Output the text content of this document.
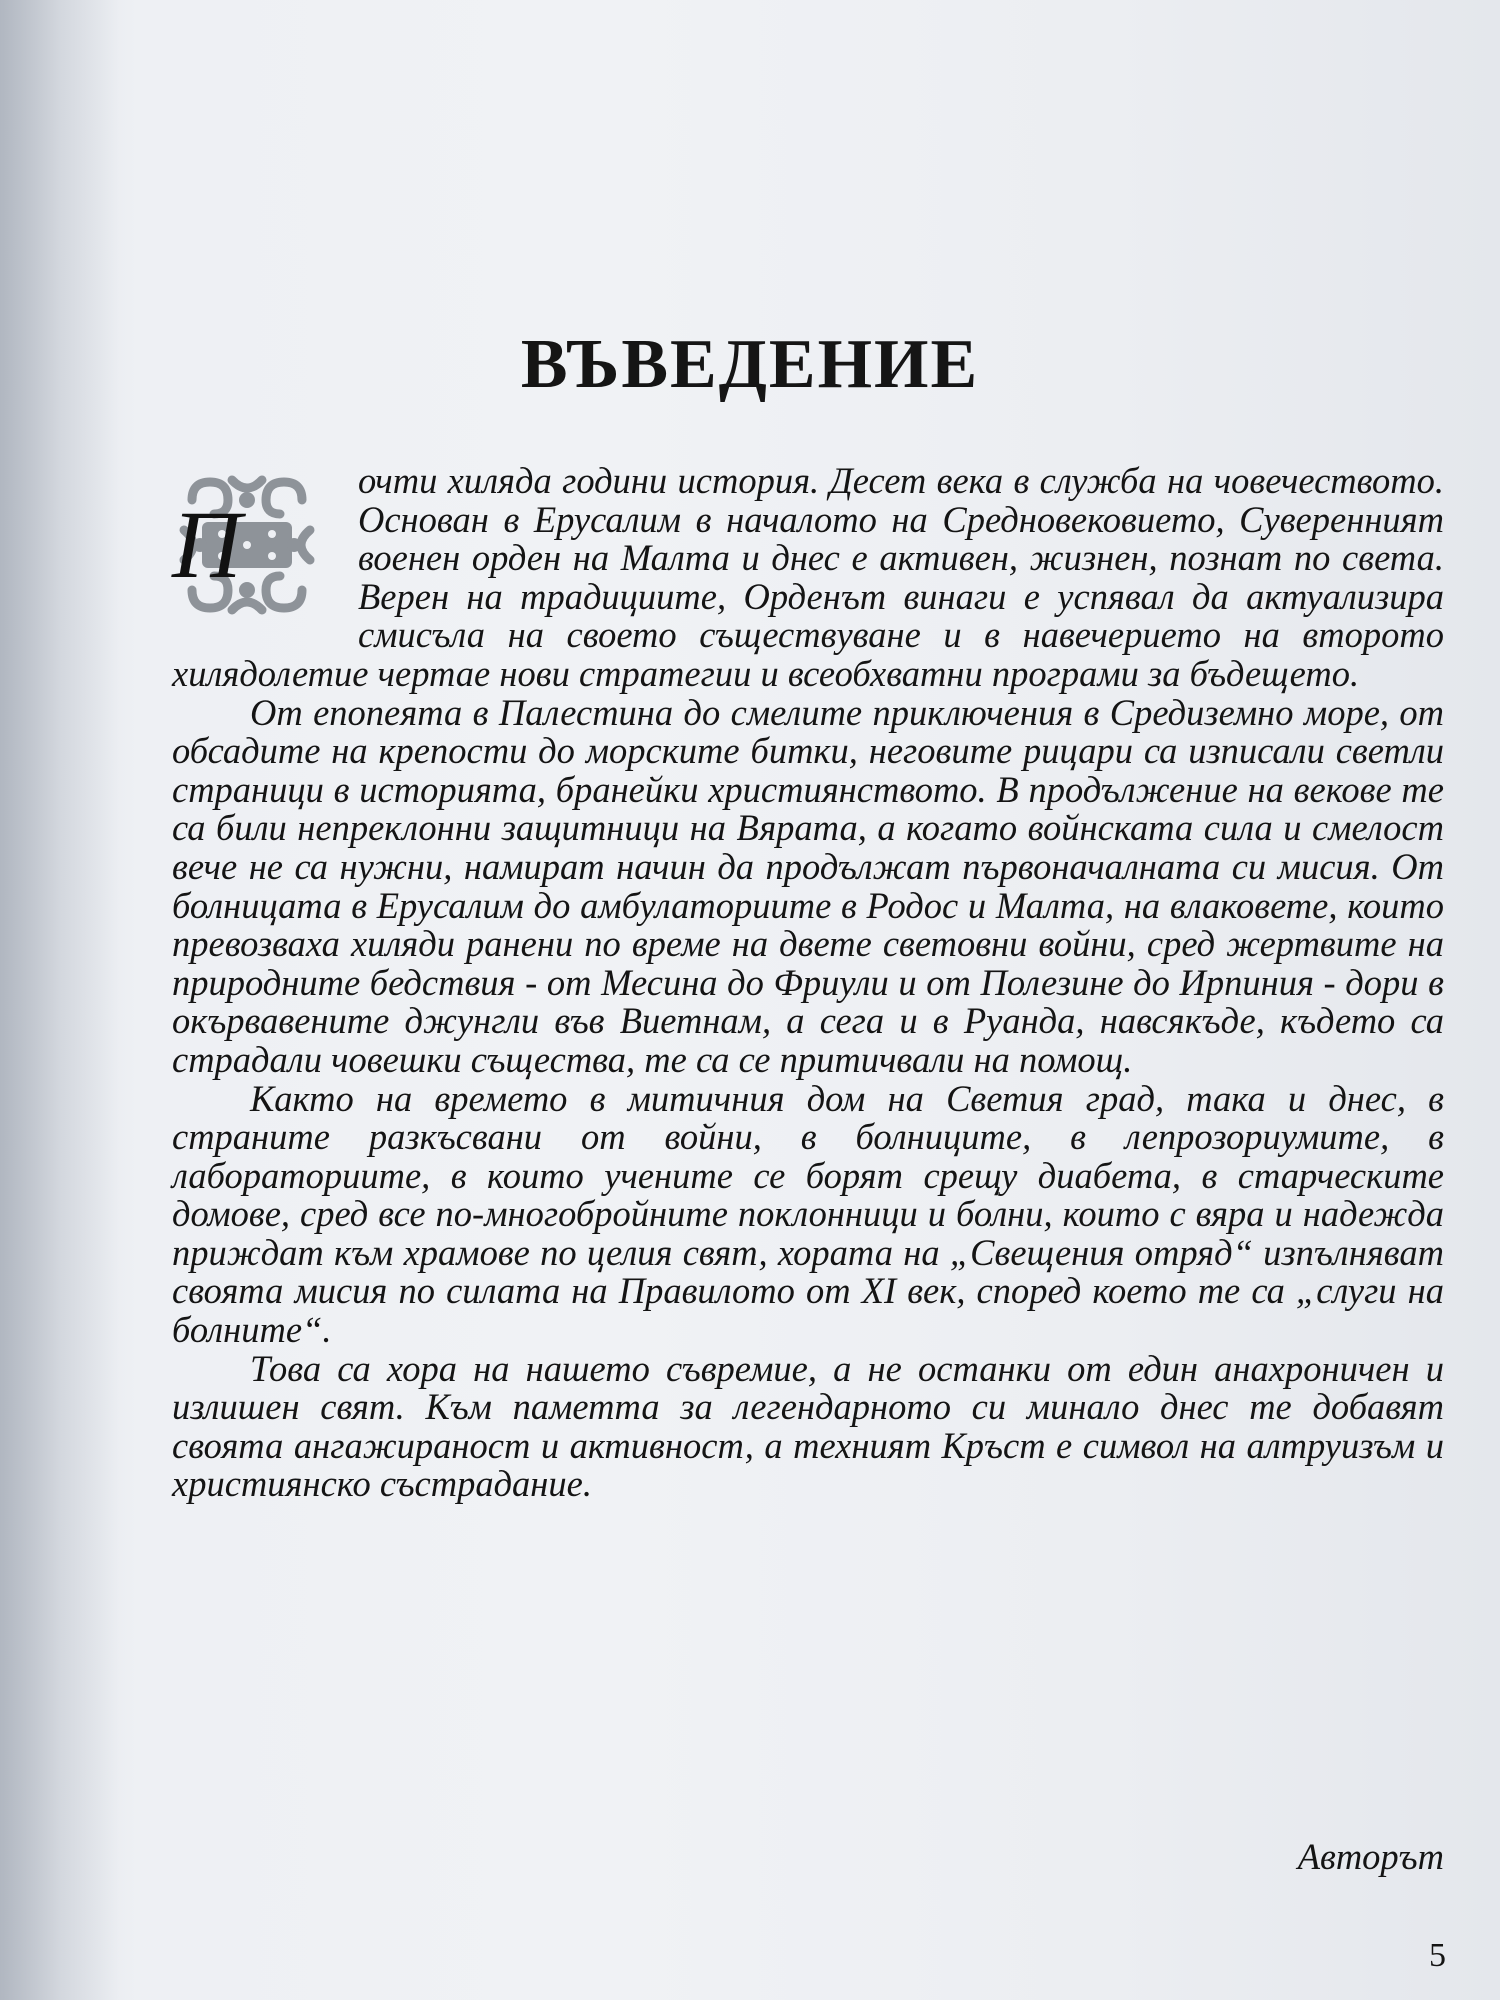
ВЪВЕДЕНИЕ

П
очти хиляда години история. Десет века в служба на човечеството. Основан в Ерусалим в началото на Средновековието, Суверенният военен орден на Малта и днес е активен, жизнен, познат по света. Верен на традициите, Орденът винаги е успявал да актуализира смисъла на своето съществуване и в навечерието на второто хилядолетие чертае нови стратегии и всеобхватни програми за бъдещето.

От епопеята в Палестина до смелите приключения в Средиземно море, от обсадите на крепости до морските битки, неговите рицари са изписали светли страници в историята, бранейки християнството. В продължение на векове те са били непреклонни защитници на Вярата, а когато войнската сила и смелост вече не са нужни, намират начин да продължат първоначалната си мисия. От болницата в Ерусалим до амбулаториите в Родос и Малта, на влаковете, които превозваха хиляди ранени по време на двете световни войни, сред жертвите на природните бедствия - от Месина до Фриули и от Полезине до Ирпиния - дори в окървавените джунгли във Виетнам, а сега и в Руанда, навсякъде, където са страдали човешки същества, те са се притичвали на помощ.

Както на времето в митичния дом на Светия град, така и днес, в страните разкъсвани от войни, в болниците, в лепрозориумите, в лабораториите, в които учените се борят срещу диабета, в старческите домове, сред все по-многобройните поклонници и болни, които с вяра и надежда приждат към храмове по целия свят, хората на „Свещения отряд“ изпълняват своята мисия по силата на Правилото от XI век, според което те са „слуги на болните“.

Това са хора на нашето съвремие, а не останки от един анахроничен и излишен свят. Към паметта за легендарното си минало днес те добавят своята ангажираност и активност, а техният Кръст е символ на алтруизъм и християнско състрадание.

Авторът
5
